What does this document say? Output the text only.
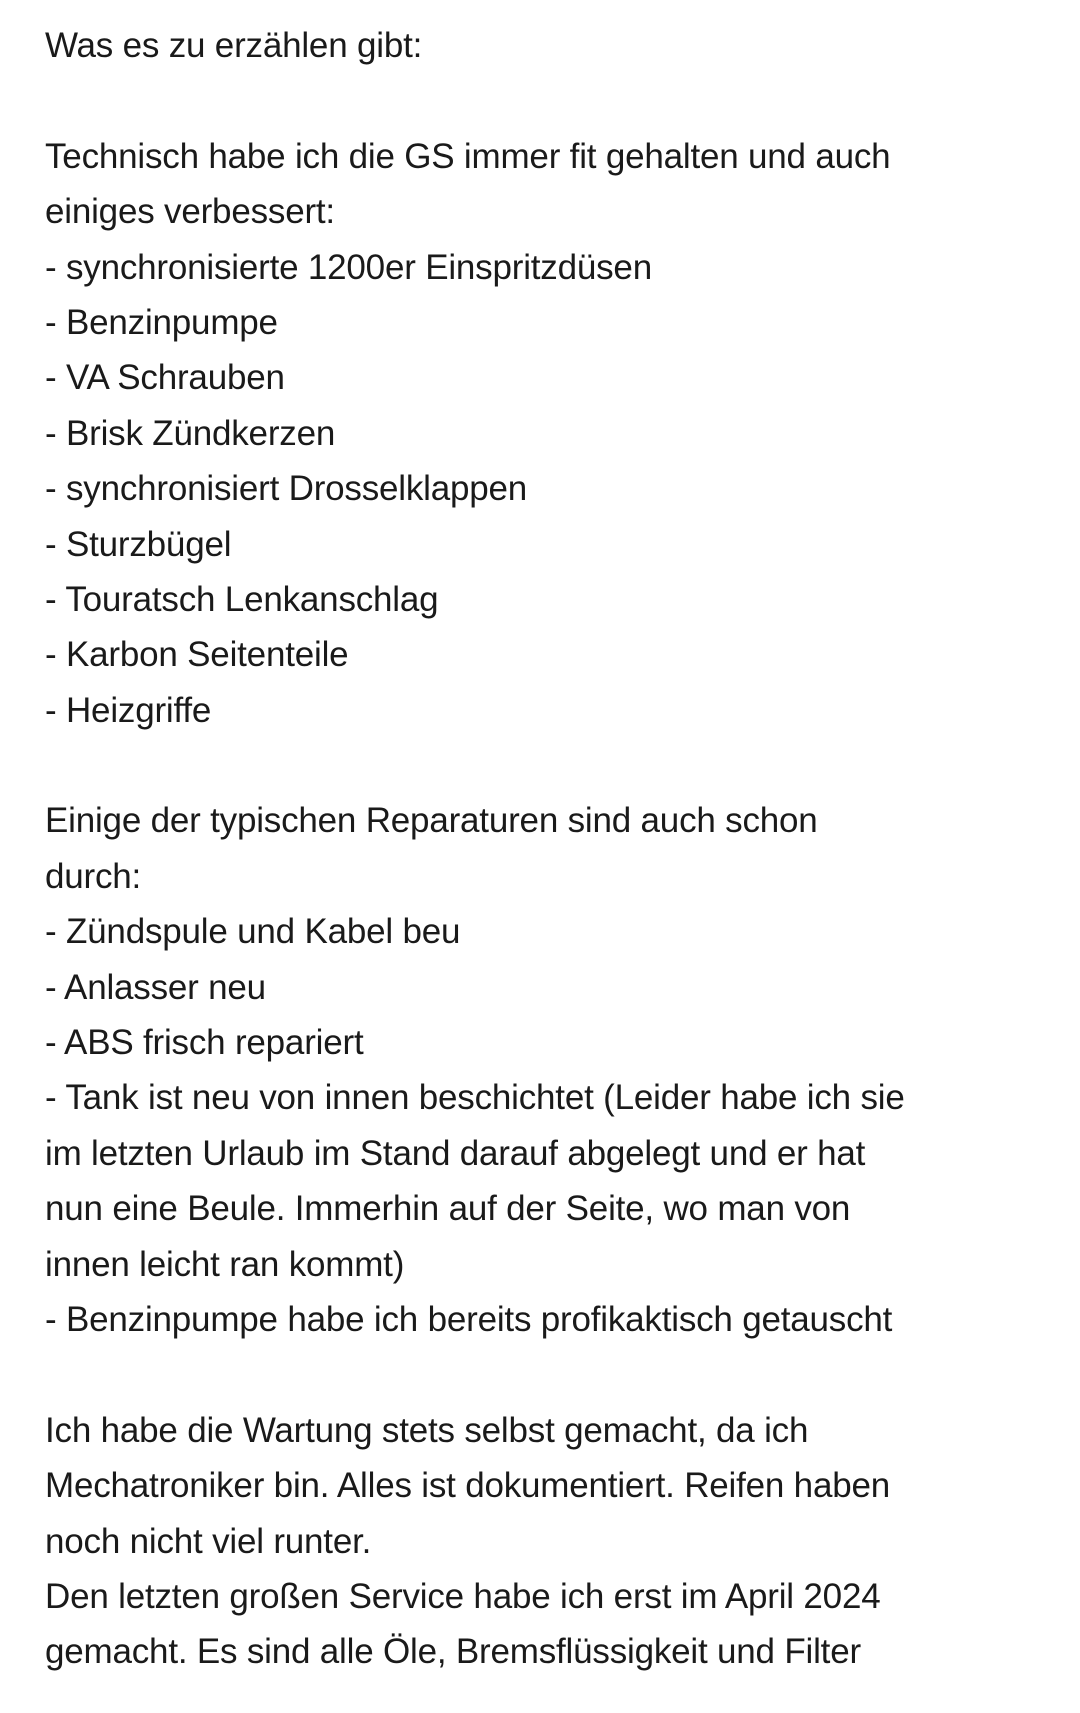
Was es zu erzählen gibt:
Technisch habe ich die GS immer fit gehalten und auch
einiges verbessert:
- synchronisierte 1200er Einspritzdüsen
- Benzinpumpe
- VA Schrauben
- Brisk Zündkerzen
- synchronisiert Drosselklappen
- Sturzbügel
- Touratsch Lenkanschlag
- Karbon Seitenteile
- Heizgriffe
Einige der typischen Reparaturen sind auch schon
durch:
- Zündspule und Kabel beu
- Anlasser neu
- ABS frisch repariert
- Tank ist neu von innen beschichtet (Leider habe ich sie
im letzten Urlaub im Stand darauf abgelegt und er hat
nun eine Beule. Immerhin auf der Seite, wo man von
innen leicht ran kommt)
- Benzinpumpe habe ich bereits profikaktisch getauscht
Ich habe die Wartung stets selbst gemacht, da ich
Mechatroniker bin. Alles ist dokumentiert. Reifen haben
noch nicht viel runter.
Den letzten großen Service habe ich erst im April 2024
gemacht. Es sind alle Öle, Bremsflüssigkeit und Filter
